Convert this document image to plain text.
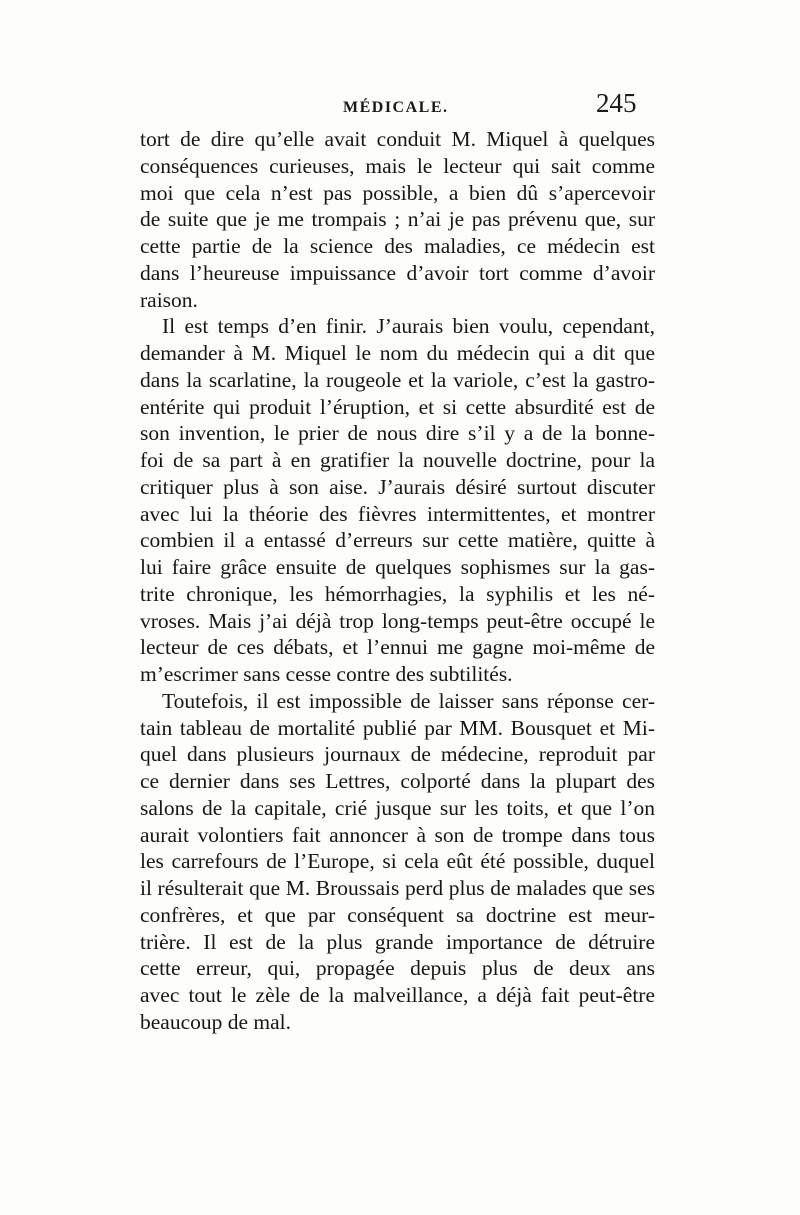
MÉDICALE.	245
tort de dire qu’elle avait conduit M. Miquel à quelques
conséquences curieuses, mais le lecteur qui sait comme
moi que cela n’est pas possible, a bien dû s’apercevoir
de suite que je me trompais ; n’ai je pas prévenu que, sur
cette partie de la science des maladies, ce médecin est
dans l’heureuse impuissance d’avoir tort comme d’avoir
raison.
Il est temps d’en finir. J’aurais bien voulu, cependant,
demander à M. Miquel le nom du médecin qui a dit que
dans la scarlatine, la rougeole et la variole, c’est la gastro-
entérite qui produit l’éruption, et si cette absurdité est de
son invention, le prier de nous dire s’il y a de la bonne-
foi de sa part à en gratifier la nouvelle doctrine, pour la
critiquer plus à son aise. J’aurais désiré surtout discuter
avec lui la théorie des fièvres intermittentes, et montrer
combien il a entassé d’erreurs sur cette matière, quitte à
lui faire grâce ensuite de quelques sophismes sur la gas-
trite chronique, les hémorrhagies, la syphilis et les né-
vroses. Mais j’ai déjà trop long-temps peut-être occupé le
lecteur de ces débats, et l’ennui me gagne moi-même de
m’escrimer sans cesse contre des subtilités.
Toutefois, il est impossible de laisser sans réponse cer-
tain tableau de mortalité publié par MM. Bousquet et Mi-
quel dans plusieurs journaux de médecine, reproduit par
ce dernier dans ses Lettres, colporté dans la plupart des
salons de la capitale, crié jusque sur les toits, et que l’on
aurait volontiers fait annoncer à son de trompe dans tous
les carrefours de l’Europe, si cela eût été possible, duquel
il résulterait que M. Broussais perd plus de malades que ses
confrères, et que par conséquent sa doctrine est meur-
trière. Il est de la plus grande importance de détruire
cette erreur, qui, propagée depuis plus de deux ans
avec tout le zèle de la malveillance, a déjà fait peut-être
beaucoup de mal.
